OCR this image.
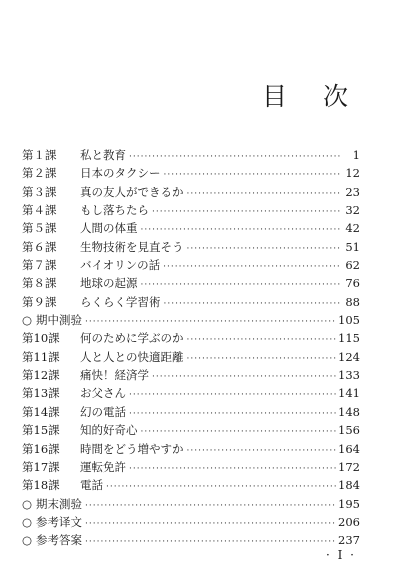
目 次
第１課	私と教育 ·····	1
第２課	日本のタクシー ·····	12
第３課	真の友人ができるか ·····	23
第４課	もし落ちたら ·····	32
第５課	人間の体重 ·····	42
第６課	生物技術を見直そう ·····	51
第７課	バイオリンの話 ·····	62
第８課	地球の起源 ·····	76
第９課	らくらく学習術 ·····	88
○ 期中測验 ·····	105
第10課	何のために学ぶのか ·····	115
第11課	人と人との快適距離 ·····	124
第12課	痛快！経済学 ·····	133
第13課	お父さん ·····	141
第14課	幻の電話 ·····	148
第15課	知的好奇心 ·····	156
第16課	時間をどう増やすか ·····	164
第17課	運転免許 ·····	172
第18課	電話 ·····	184
○ 期末測验 ·····	195
○ 参考译文 ·····	206
○ 参考答案 ·····	237
· I ·
